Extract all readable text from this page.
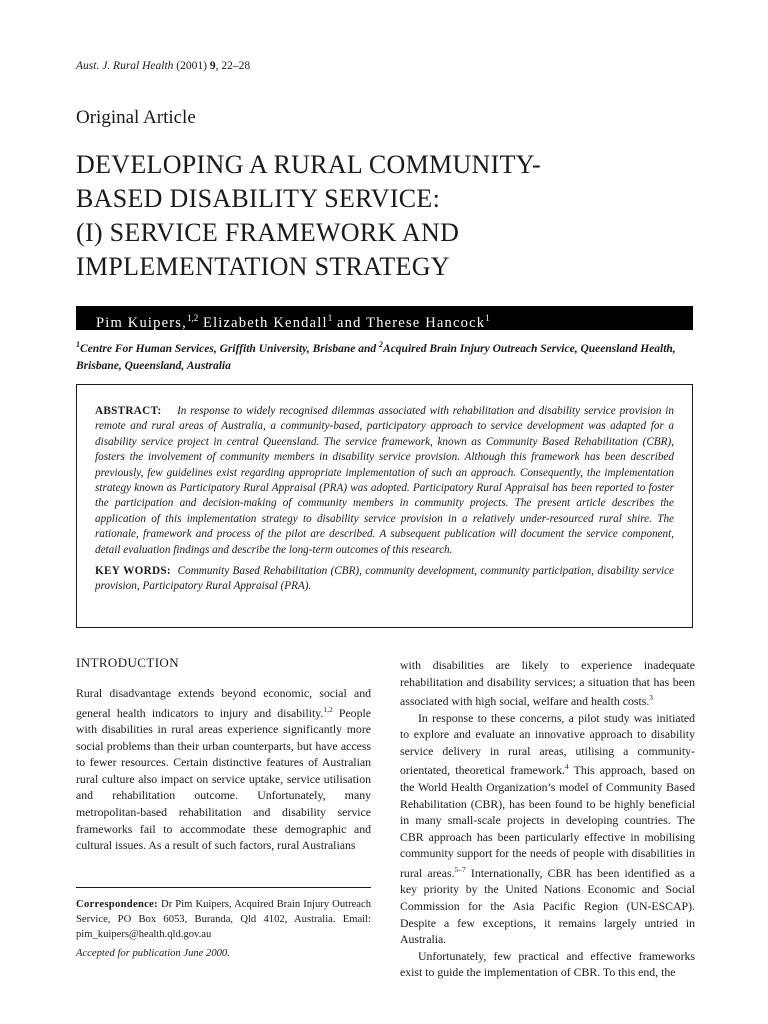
Aust. J. Rural Health (2001) 9, 22–28
Original Article
DEVELOPING A RURAL COMMUNITY-
BASED DISABILITY SERVICE:
(I) SERVICE FRAMEWORK AND
IMPLEMENTATION STRATEGY
Pim Kuipers,$^{1,2}$ Elizabeth Kendall$^1$ and Therese Hancock$^1$
$^1$Centre For Human Services, Griffith University, Brisbane and $^2$Acquired Brain Injury Outreach Service, Queensland Health, Brisbane, Queensland, Australia

ABSTRACT: In response to widely recognised dilemmas associated with rehabilitation and disability service provision in remote and rural areas of Australia, a community-based, participatory approach to service development was adapted for a disability service project in central Queensland. The service framework, known as Community Based Rehabilitation (CBR), fosters the involvement of community members in disability service provision. Although this framework has been described previously, few guidelines exist regarding appropriate implementation of such an approach. Consequently, the implementation strategy known as Participatory Rural Appraisal (PRA) was adopted. Participatory Rural Appraisal has been reported to foster the participation and decision-making of community members in community projects. The present article describes the application of this implementation strategy to disability service provision in a relatively under-resourced rural shire. The rationale, framework and process of the pilot are described. A subsequent publication will document the service component, detail evaluation findings and describe the long-term outcomes of this research.

KEY WORDS: Community Based Rehabilitation (CBR), community development, community participation, disability service provision, Participatory Rural Appraisal (PRA).

INTRODUCTION

Rural disadvantage extends beyond economic, social and general health indicators to injury and disability.$^{1,2}$ People with disabilities in rural areas experience significantly more social problems than their urban counterparts, but have access to fewer resources. Certain distinctive features of Australian rural culture also impact on service uptake, service utilisation and rehabilitation outcome. Unfortunately, many metropolitan-based rehabilitation and disability service frameworks fail to accommodate these demographic and cultural issues. As a result of such factors, rural Australians

Correspondence: Dr Pim Kuipers, Acquired Brain Injury Outreach Service, PO Box 6053, Buranda, Qld 4102, Australia. Email: pim_kuipers@health.qld.gov.au
Accepted for publication June 2000.

with disabilities are likely to experience inadequate rehabilitation and disability services; a situation that has been associated with high social, welfare and health costs.$^3$

In response to these concerns, a pilot study was initiated to explore and evaluate an innovative approach to disability service delivery in rural areas, utilising a community-orientated, theoretical framework.$^4$ This approach, based on the World Health Organization’s model of Community Based Rehabilitation (CBR), has been found to be highly beneficial in many small-scale projects in developing countries. The CBR approach has been particularly effective in mobilising community support for the needs of people with disabilities in rural areas.$^{5-7}$ Internationally, CBR has been identified as a key priority by the United Nations Economic and Social Commission for the Asia Pacific Region (UN-ESCAP). Despite a few exceptions, it remains largely untried in Australia.

Unfortunately, few practical and effective frameworks exist to guide the implementation of CBR. To this end, the
